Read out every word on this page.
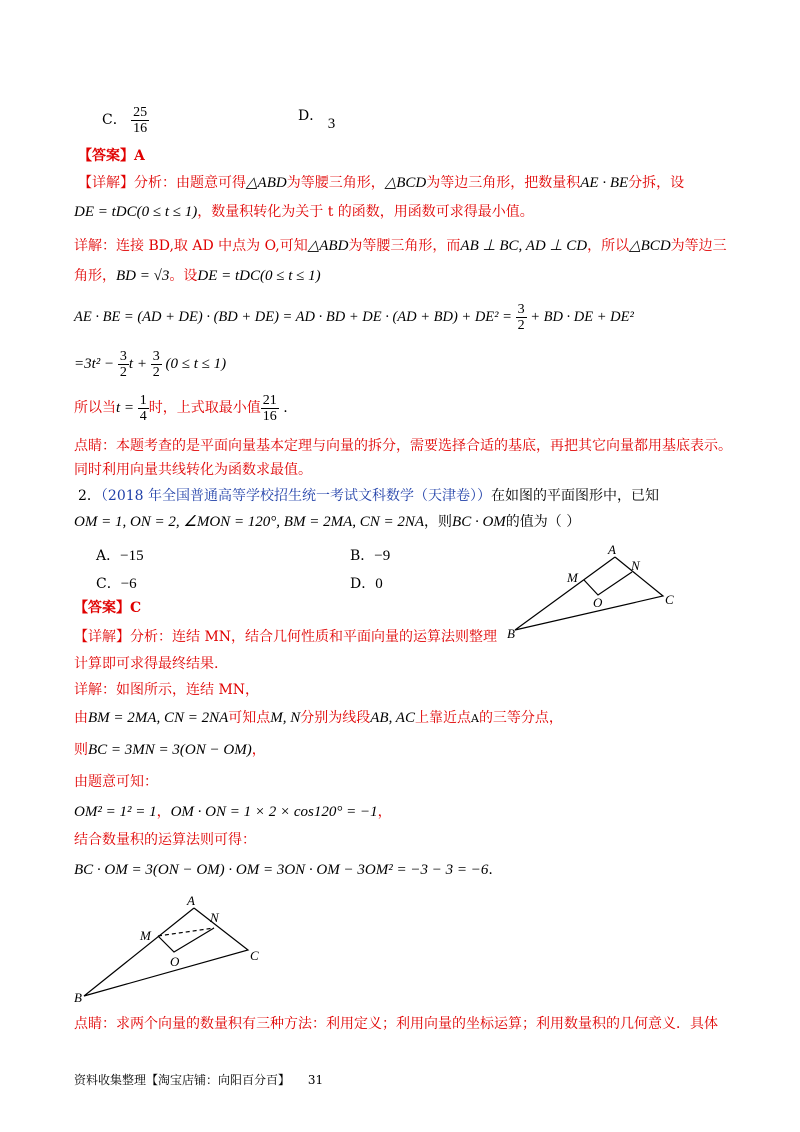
C． $\frac{25}{16}$	D． 3
【答案】A
【详解】分析：由题意可得△ABD为等腰三角形，△BCD为等边三角形，把数量积AE · BE分拆，设
DE = tDC(0 ≤ t ≤ 1)，数量积转化为关于 t 的函数，用函数可求得最小值。
详解：连接 BD,取 AD 中点为 O,可知△ABD为等腰三角形，而AB ⊥ BC, AD ⊥ CD，所以△BCD为等边三
角形，BD = √3。设DE = tDC(0 ≤ t ≤ 1)
AE · BE = (AD + DE) · (BD + DE) = AD · BD + DE · $(AD + BD) + DE^2 = \frac{3}{2}$ + BD · DE + DE²
$=3t^2 - \frac{3}{2}$ $t + \frac{3}{2} (0 \le t \le 1)$
所以当$t = \frac{1}{4}$ 时，上式取最小值 $\frac{21}{16}$ .
点睛：本题考查的是平面向量基本定理与向量的拆分，需要选择合适的基底，再把其它向量都用基底表示。
同时利用向量共线转化为函数求最值。
2．（2018 年全国普通高等学校招生统一考试文科数学（天津卷））在如图的平面图形中，已知
OM = 1, ON = 2, ∠MON = 120°, BM = 2MA, CN = 2NA，则BC · OM的值为（ ）
A．−15	B．−9
C．−6	D．0
A
N
M
O	C
B
【答案】C
【详解】分析：连结 MN，结合几何性质和平面向量的运算法则整理
计算即可求得最终结果.
详解：如图所示，连结 MN，
由BM = 2MA, CN = 2NA可知点M, N分别为线段AB, AC上靠近点A的三等分点，
则BC = 3MN = 3(ON − OM)，
由题意可知：
OM² = 1² = 1，OM · ON = 1 × 2 × cos120° = −1，
结合数量积的运算法则可得：
BC · OM = 3(ON − OM) · OM = 3ON · OM − 3OM² = −3 − 3 = −6.
A
N
M
O	C
B
点睛：求两个向量的数量积有三种方法：利用定义；利用向量的坐标运算；利用数量积的几何意义．具体
资料收集整理【淘宝店铺：向阳百分百】 31
